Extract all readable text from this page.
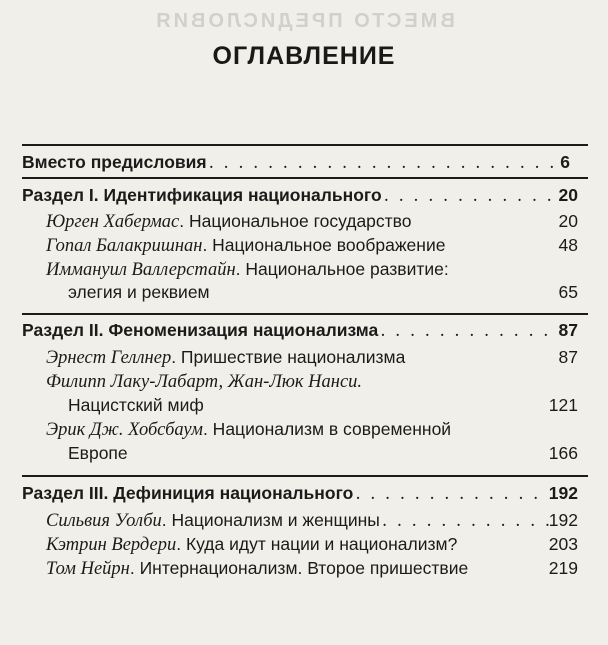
ВМЕСТО ПРЕДИСЛОВИЯ
ОГЛАВЛЕНИЕ
Вместо предисловия . . .	6
Раздел I. Идентификация национального . . .	20
Юрген Хабермас. Национальное государство	20
Гопал Балакришнан. Национальное воображение	48
Иммануил Валлерстайн. Национальное развитие:
элегия и реквием	65
Раздел II. Феноменизация национализма . . .	87
Эрнест Геллнер. Пришествие национализма	87
Филипп Лаку-Лабарт, Жан-Люк Нанси.
Нацистский миф	121
Эрик Дж. Хобсбаум. Национализм в современной
Европе	166
Раздел III. Дефиниция национального . . .	192
Сильвия Уолби. Национализм и женщины . . .	192
Кэтрин Вердери. Куда идут нации и национализм?	203
Том Нейрн. Интернационализм. Второе пришествие	219
